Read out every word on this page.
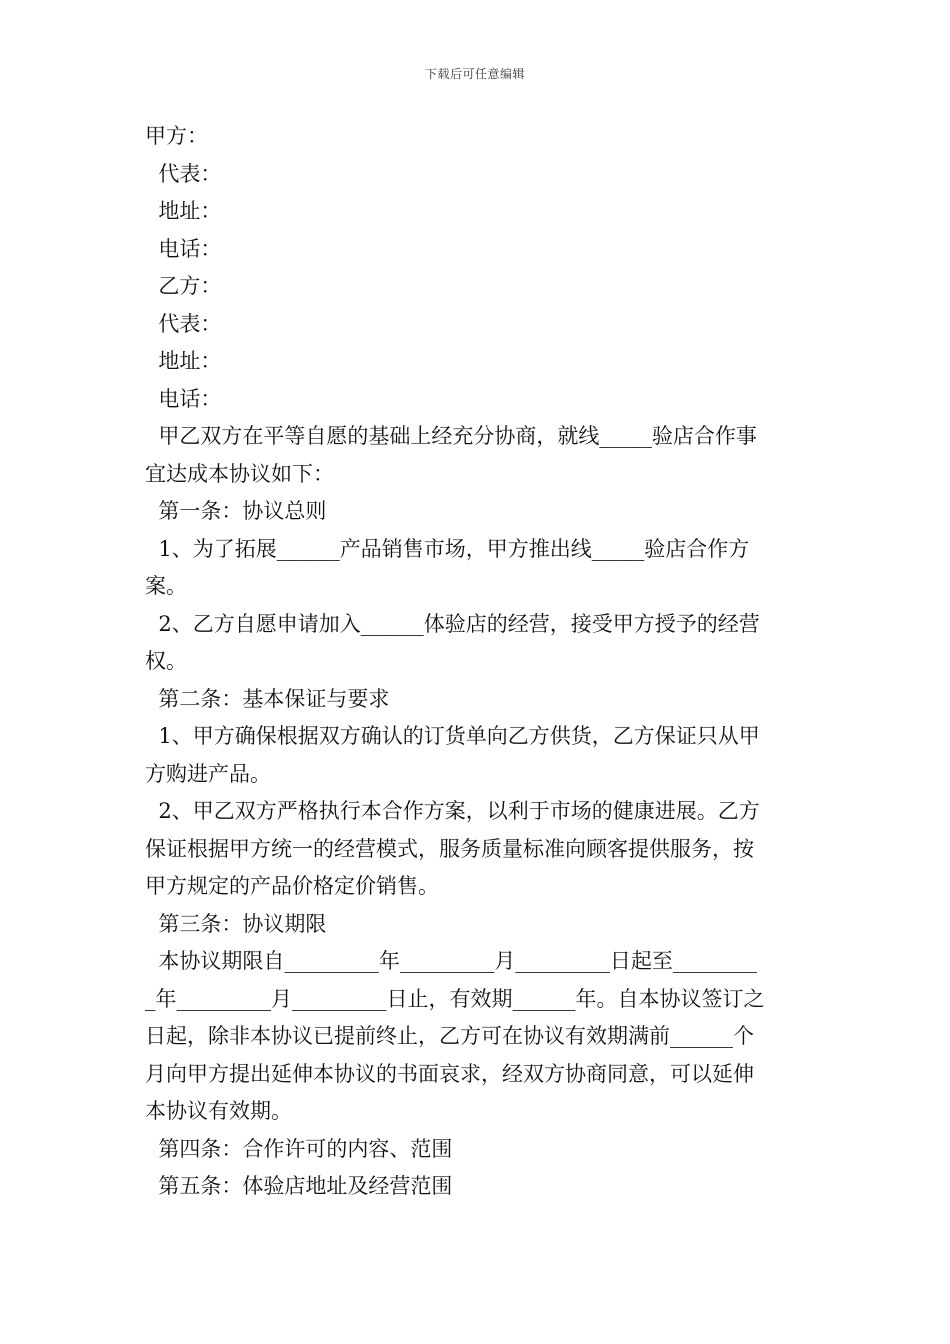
下载后可任意编辑
甲方：
代表：
地址：
电话：
乙方：
代表：
地址：
电话：
甲乙双方在平等自愿的基础上经充分协商，就线_____验店合作事
宜达成本协议如下：
第一条：协议总则
1、为了拓展______产品销售市场，甲方推出线_____验店合作方
案。
2、乙方自愿申请加入______体验店的经营，接受甲方授予的经营
权。
第二条：基本保证与要求
1、甲方确保根据双方确认的订货单向乙方供货，乙方保证只从甲
方购进产品。
2、甲乙双方严格执行本合作方案，以利于市场的健康进展。乙方
保证根据甲方统一的经营模式，服务质量标准向顾客提供服务，按
甲方规定的产品价格定价销售。
第三条：协议期限
本协议期限自_________年_________月_________日起至________
_年_________月_________日止，有效期______年。自本协议签订之
日起，除非本协议已提前终止，乙方可在协议有效期满前______个
月向甲方提出延伸本协议的书面哀求，经双方协商同意，可以延伸
本协议有效期。
第四条：合作许可的内容、范围
第五条：体验店地址及经营范围
